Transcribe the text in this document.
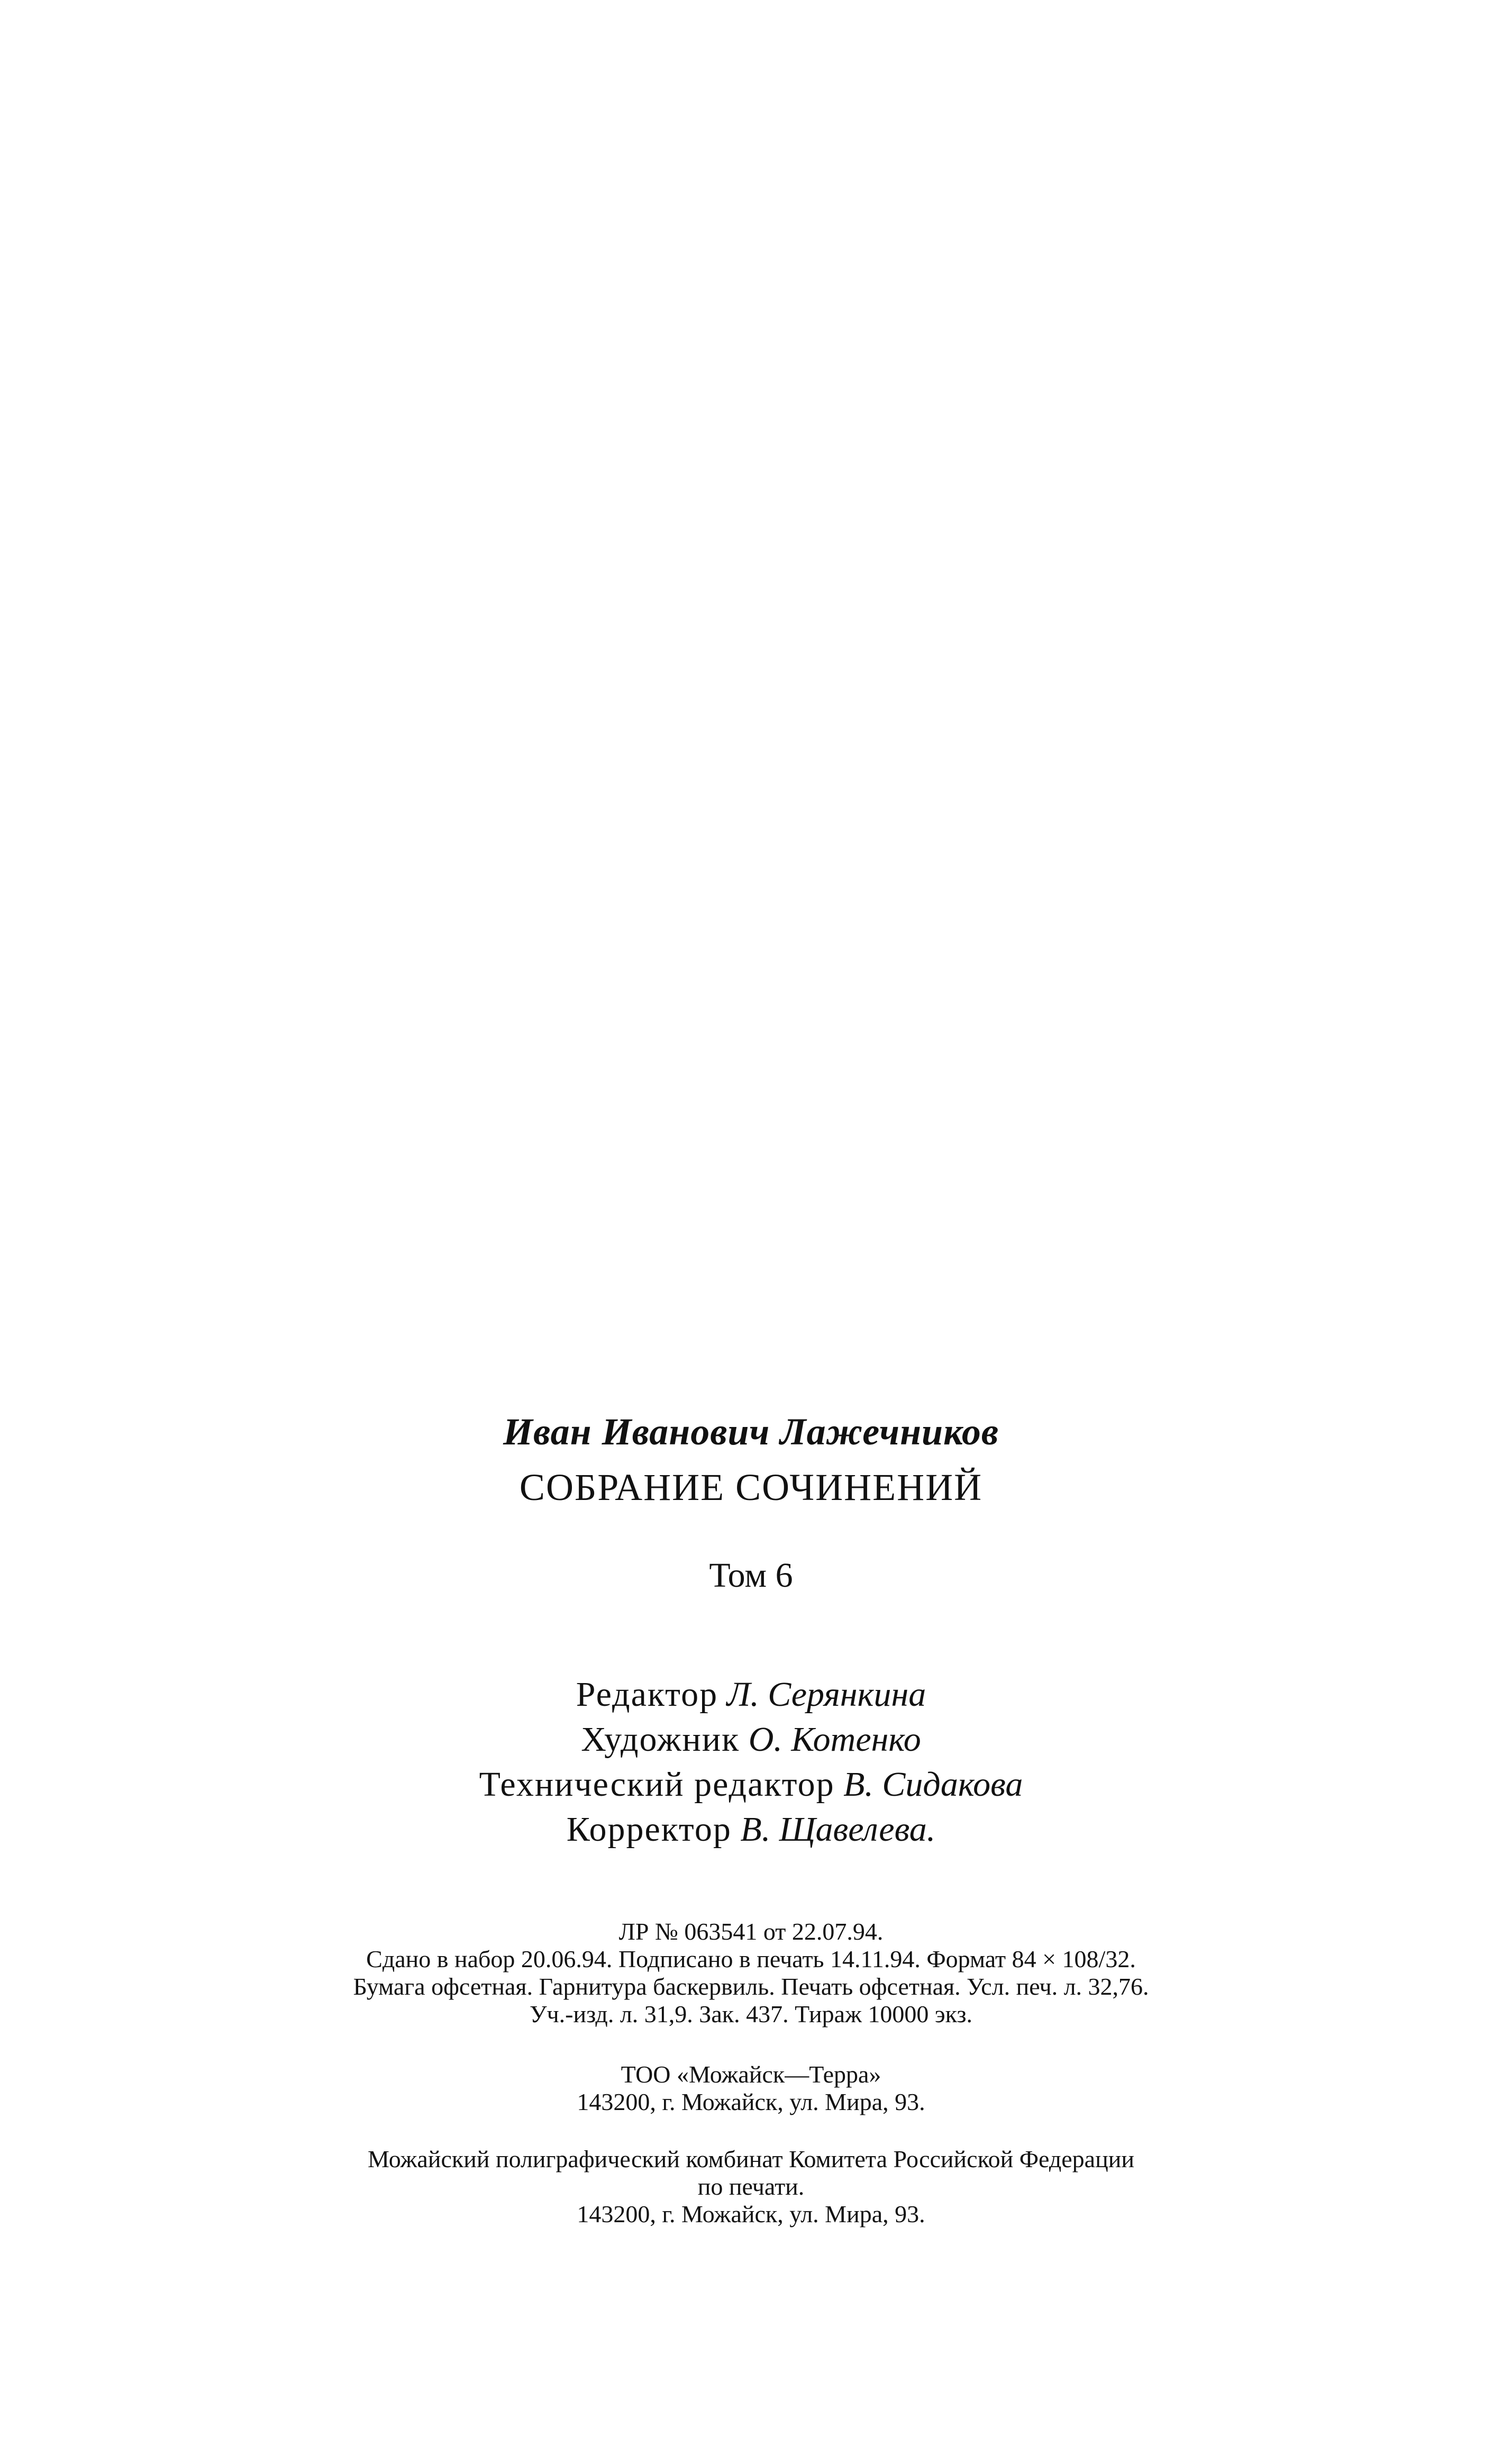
Иван Иванович Лажечников
СОБРАНИЕ СОЧИНЕНИЙ
Том 6
Редактор Л. Серянкина
Художник О. Котенко
Технический редактор В. Сидакова
Корректор В. Щавелева.
ЛР № 063541 от 22.07.94.
Сдано в набор 20.06.94. Подписано в печать 14.11.94. Формат 84 × 108/32.
Бумага офсетная. Гарнитура баскервиль. Печать офсетная. Усл. печ. л. 32,76.
Уч.-изд. л. 31,9. Зак. 437. Тираж 10000 экз.
ТОО «Можайск—Терра»
143200, г. Можайск, ул. Мира, 93.
Можайский полиграфический комбинат Комитета Российской Федерации
по печати.
143200, г. Можайск, ул. Мира, 93.
